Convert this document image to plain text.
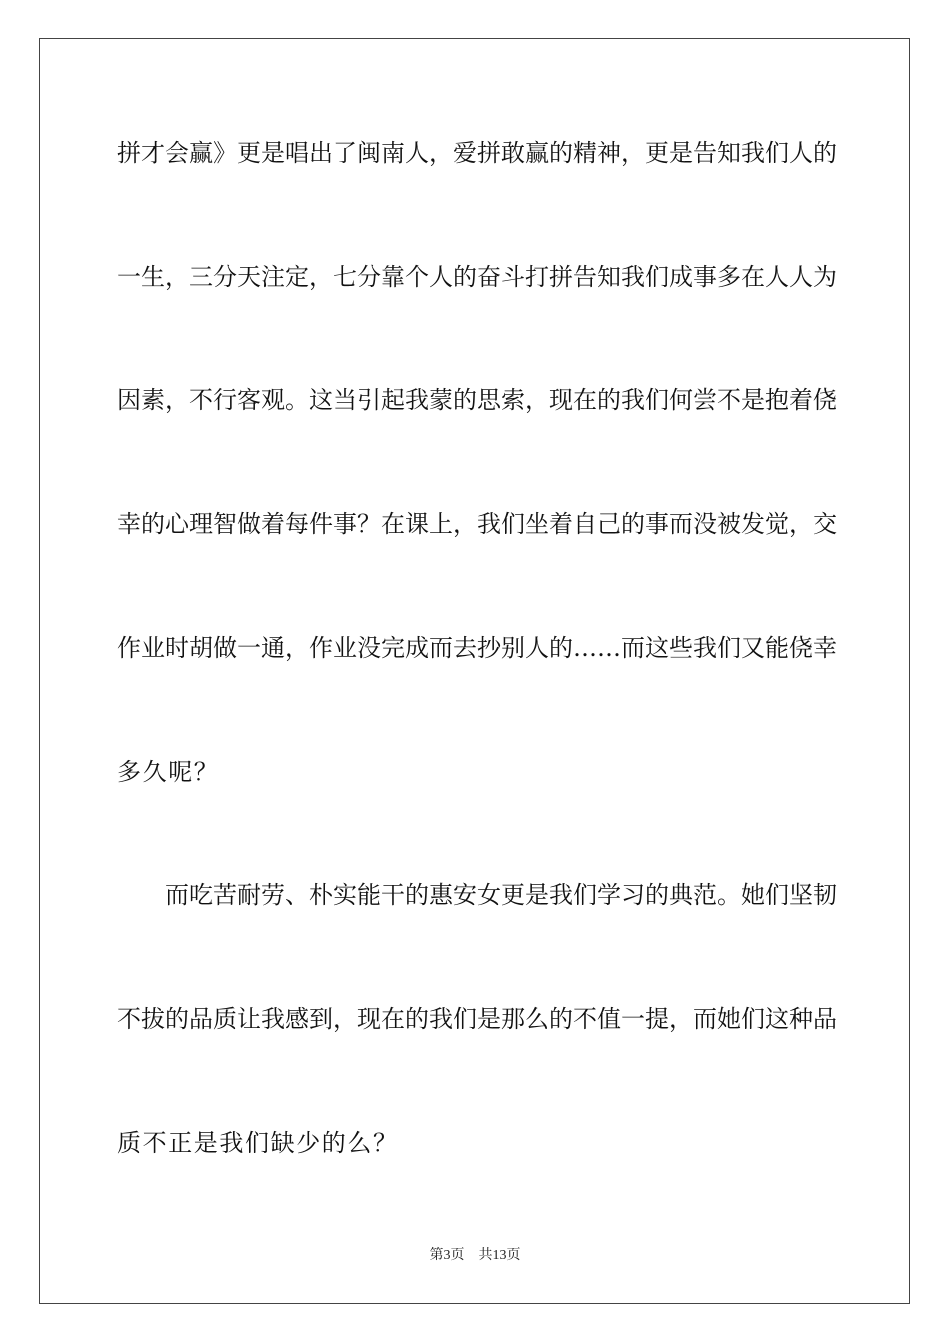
拼 才 会 赢 》 更 是 唱 出 了 闽 南 人 ， 爱 拼 敢 赢 的 精 神 ， 更 是 告 知 我 们 人 的
一 生 ， 三 分 天 注 定 ， 七 分 靠 个 人 的 奋 斗 打 拼 告 知 我 们 成 事 多 在 人 人 为
因 素 ， 不 行 客 观 。 这 当 引 起 我 蒙 的 思 索 ， 现 在 的 我 们 何 尝 不 是 抱 着 侥
幸 的 心 理 智 做 着 每 件 事 ？ 在 课 上 ， 我 们 坐 着 自 己 的 事 而 没 被 发 觉 ， 交
作 业 时 胡 做 一 通 ， 作 业 没 完 成 而 去 抄 别 人 的 … … 而 这 些 我 们 又 能 侥 幸
多久呢？
而 吃 苦 耐 劳 、 朴 实 能 干 的 惠 安 女 更 是 我 们 学 习 的 典 范 。 她 们 坚 韧
不 拔 的 品 质 让 我 感 到 ， 现 在 的 我 们 是 那 么 的 不 值 一 提 ， 而 她 们 这 种 品
质不正是我们缺少的么？
第3页　共13页
